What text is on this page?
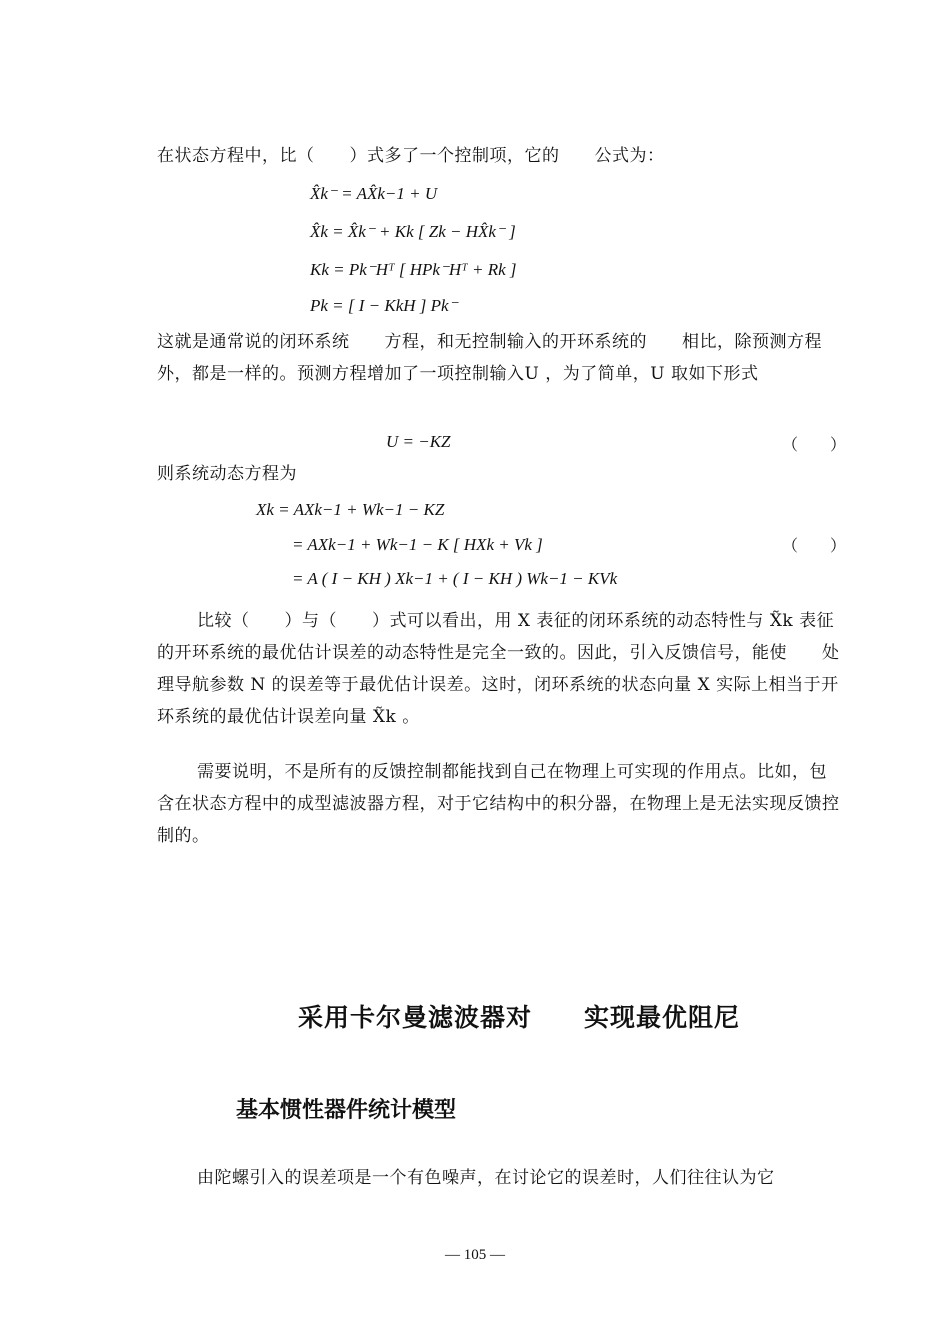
在状态方程中，比（　　）式多了一个控制项，它的　　公式为：

X̂k⁻ = AX̂k−1 + U
X̂k = X̂k⁻ + Kk [ Zk − HX̂k⁻ ]
Kk = Pk⁻Hᵀ [ HPk⁻Hᵀ + Rk ]
Pk = [ I − KkH ] Pk⁻

这就是通常说的闭环系统　　方程，和无控制输入的开环系统的　　相比，除预测方程外，都是一样的。预测方程增加了一项控制输入U ，为了简单，U 取如下形式

U = −KZ	（　　）

则系统动态方程为

Xk = AXk−1 + Wk−1 − KZ
= AXk−1 + Wk−1 − K [ HXk + Vk ]	（　　）
= A ( I − KH ) Xk−1 + ( I − KH ) Wk−1 − KVk

比较（　　）与（　　）式可以看出，用 X 表征的闭环系统的动态特性与 X̃k 表征的开环系统的最优估计误差的动态特性是完全一致的。因此，引入反馈信号，能使　　处理导航参数 N 的误差等于最优估计误差。这时，闭环系统的状态向量 X 实际上相当于开环系统的最优估计误差向量 X̃k 。

需要说明，不是所有的反馈控制都能找到自己在物理上可实现的作用点。比如，包含在状态方程中的成型滤波器方程，对于它结构中的积分器，在物理上是无法实现反馈控制的。

采用卡尔曼滤波器对　　实现最优阻尼
基本惯性器件统计模型

由陀螺引入的误差项是一个有色噪声，在讨论它的误差时，人们往往认为它

— 105 —
